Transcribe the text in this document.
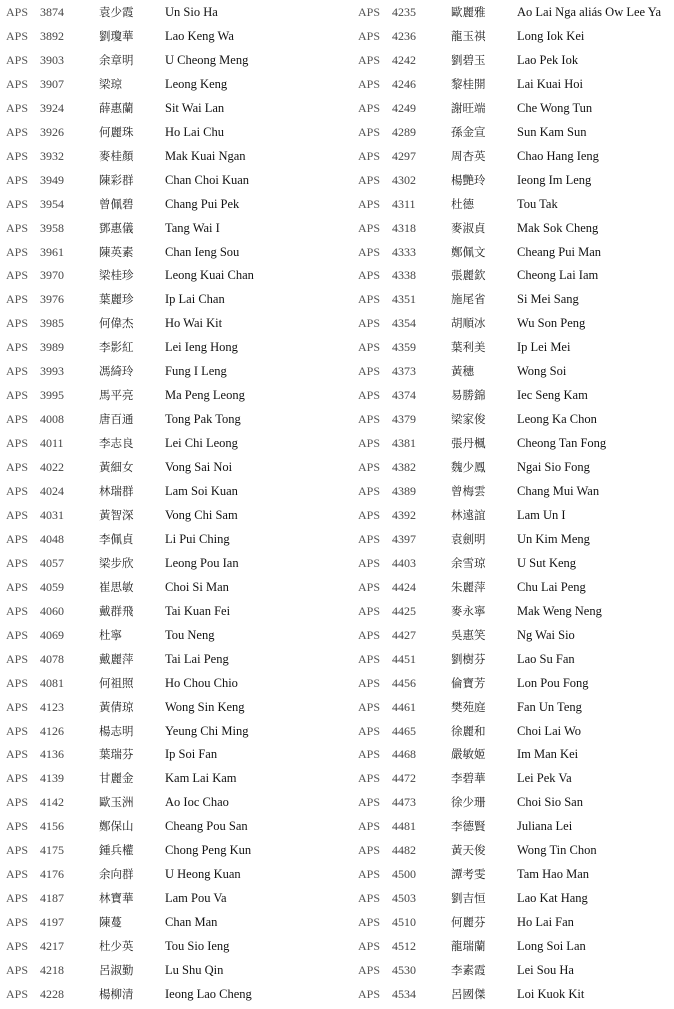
APS 3874	袁少霞	Un Sio Ha
APS 3892	劉瓊華	Lao Keng Wa
APS 3903	余章明	U Cheong Meng
APS 3907	梁琼	Leong Keng
APS 3924	薛惠蘭	Sit Wai Lan
APS 3926	何麗珠	Ho Lai Chu
APS 3932	麥桂顏	Mak Kuai Ngan
APS 3949	陳彩群	Chan Choi Kuan
APS 3954	曾佩碧	Chang Pui Pek
APS 3958	鄧惠儀	Tang Wai I
APS 3961	陳英素	Chan Ieng Sou
APS 3970	梁桂珍	Leong Kuai Chan
APS 3976	葉麗珍	Ip Lai Chan
APS 3985	何偉杰	Ho Wai Kit
APS 3989	李影紅	Lei Ieng Hong
APS 3993	馮綺玲	Fung I Leng
APS 3995	馬平亮	Ma Peng Leong
APS 4008	唐百通	Tong Pak Tong
APS 4011	李志良	Lei Chi Leong
APS 4022	黃細女	Vong Sai Noi
APS 4024	林瑞群	Lam Soi Kuan
APS 4031	黃智深	Vong Chi Sam
APS 4048	李佩貞	Li Pui Ching
APS 4057	梁步欣	Leong Pou Ian
APS 4059	崔思敏	Choi Si Man
APS 4060	戴群飛	Tai Kuan Fei
APS 4069	杜寧	Tou Neng
APS 4078	戴麗萍	Tai Lai Peng
APS 4081	何祖照	Ho Chou Chio
APS 4123	黃倩琼	Wong Sin Keng
APS 4126	楊志明	Yeung Chi Ming
APS 4136	葉瑞芬	Ip Soi Fan
APS 4139	甘麗金	Kam Lai Kam
APS 4142	歐玉洲	Ao Ioc Chao
APS 4156	鄭保山	Cheang Pou San
APS 4175	鍾兵權	Chong Peng Kun
APS 4176	余向群	U Heong Kuan
APS 4187	林寶華	Lam Pou Va
APS 4197	陳蔓	Chan Man
APS 4217	杜少英	Tou Sio Ieng
APS 4218	呂淑勤	Lu Shu Qin
APS 4228	楊柳清	Ieong Lao Cheng
APS 4235	歐麗雅	Ao Lai Nga aliás Ow Lee Ya
APS 4236	龍玉祺	Long Iok Kei
APS 4242	劉碧玉	Lao Pek Iok
APS 4246	黎桂開	Lai Kuai Hoi
APS 4249	謝旺端	Che Wong Tun
APS 4289	孫金宣	Sun Kam Sun
APS 4297	周杏英	Chao Hang Ieng
APS 4302	楊艷玲	Ieong Im Leng
APS 4311	杜德	Tou Tak
APS 4318	麥淑貞	Mak Sok Cheng
APS 4333	鄭佩文	Cheang Pui Man
APS 4338	張麗欽	Cheong Lai Iam
APS 4351	施尾省	Si Mei Sang
APS 4354	胡順冰	Wu Son Peng
APS 4359	葉利美	Ip Lei Mei
APS 4373	黃穗	Wong Soi
APS 4374	易勝錦	Iec Seng Kam
APS 4379	梁家俊	Leong Ka Chon
APS 4381	張丹楓	Cheong Tan Fong
APS 4382	魏少鳳	Ngai Sio Fong
APS 4389	曾梅雲	Chang Mui Wan
APS 4392	林遠誼	Lam Un I
APS 4397	袁劍明	Un Kim Meng
APS 4403	余雪琼	U Sut Keng
APS 4424	朱麗萍	Chu Lai Peng
APS 4425	麥永寧	Mak Weng Neng
APS 4427	吳惠笑	Ng Wai Sio
APS 4451	劉樹芬	Lao Su Fan
APS 4456	倫寶芳	Lon Pou Fong
APS 4461	樊苑庭	Fan Un Teng
APS 4465	徐麗和	Choi Lai Wo
APS 4468	嚴敏姬	Im Man Kei
APS 4472	李碧華	Lei Pek Va
APS 4473	徐少珊	Choi Sio San
APS 4481	李德賢	Juliana Lei
APS 4482	黃天俊	Wong Tin Chon
APS 4500	譚考雯	Tam Hao Man
APS 4503	劉吉恒	Lao Kat Hang
APS 4510	何麗芬	Ho Lai Fan
APS 4512	龍瑞蘭	Long Soi Lan
APS 4530	李素霞	Lei Sou Ha
APS 4534	呂國傑	Loi Kuok Kit
